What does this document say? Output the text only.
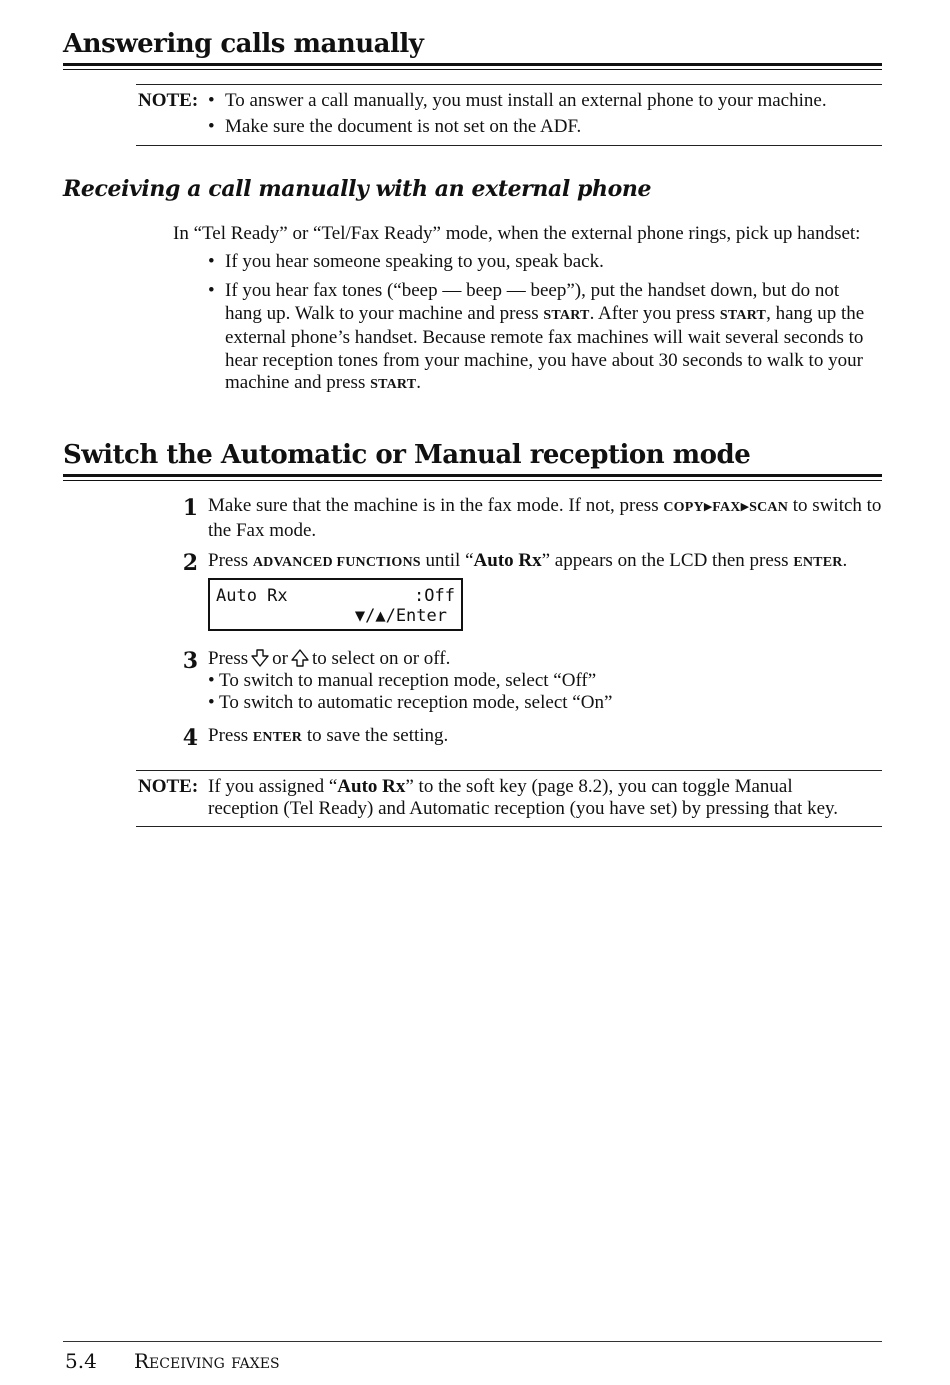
Answering calls manually
NOTE: • To answer a call manually, you must install an external phone to your machine.
• Make sure the document is not set on the ADF.
Receiving a call manually with an external phone
In “Tel Ready” or “Tel/Fax Ready” mode, when the external phone rings, pick up handset:
• If you hear someone speaking to you, speak back.
• If you hear fax tones (“beep — beep — beep”), put the handset down, but do not hang up. Walk to your machine and press START. After you press START, hang up the external phone’s handset. Because remote fax machines will wait several seconds to hear reception tones from your machine, you have about 30 seconds to walk to your machine and press START.
Switch the Automatic or Manual reception mode
1 Make sure that the machine is in the fax mode. If not, press COPY▶FAX▶SCAN to switch to the Fax mode.
2 Press ADVANCED FUNCTIONS until “Auto Rx” appears on the LCD then press ENTER.
Auto Rx	:Off
▼/▲/Enter
3 Press or to select on or off.
• To switch to manual reception mode, select “Off”
• To switch to automatic reception mode, select “On”
4 Press ENTER to save the setting.
NOTE: If you assigned “Auto Rx” to the soft key (page 8.2), you can toggle Manual reception (Tel Ready) and Automatic reception (you have set) by pressing that key.
5.4 Receiving faxes
